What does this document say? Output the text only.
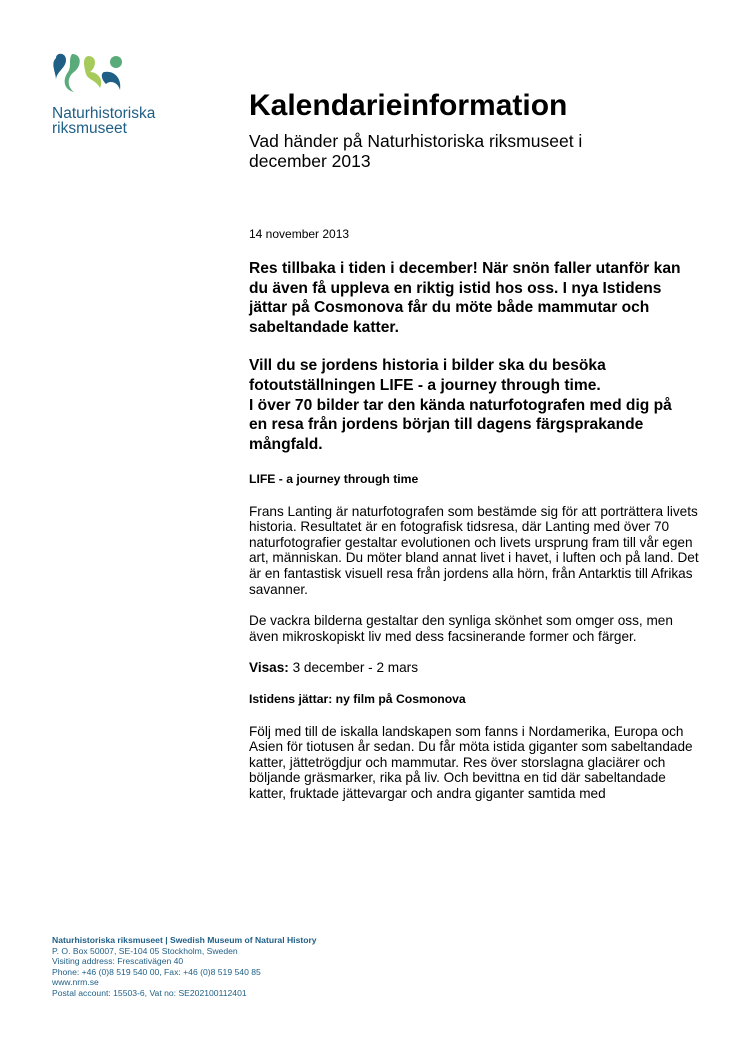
Naturhistoriska
riksmuseet
Kalendarieinformation

Vad händer på Naturhistoriska riksmuseet i december 2013

14 november 2013

Res tillbaka i tiden i december! När snön faller utanför kan du även få uppleva en riktig istid hos oss. I nya Istidens jättar på Cosmonova får du möte både mammutar och sabeltandade katter.

Vill du se jordens historia i bilder ska du besöka fotoutställningen LIFE - a journey through time.
I över 70 bilder tar den kända naturfotografen med dig på en resa från jordens början till dagens färgsprakande mångfald.

LIFE - a journey through time

Frans Lanting är naturfotografen som bestämde sig för att porträttera livets historia. Resultatet är en fotografisk tidsresa, där Lanting med över 70 naturfotografier gestaltar evolutionen och livets ursprung fram till vår egen art, människan. Du möter bland annat livet i havet, i luften och på land. Det är en fantastisk visuell resa från jordens alla hörn, från Antarktis till Afrikas savanner.

De vackra bilderna gestaltar den synliga skönhet som omger oss, men även mikroskopiskt liv med dess facsinerande former och färger.

Visas: 3 december - 2 mars

Istidens jättar: ny film på Cosmonova

Följ med till de iskalla landskapen som fanns i Nordamerika, Europa och Asien för tiotusen år sedan. Du får möta istida giganter som sabeltandade katter, jättetrögdjur och mammutar. Res över storslagna glaciärer och böljande gräsmarker, rika på liv. Och bevittna en tid där sabeltandade katter, fruktade jättevargar och andra giganter samtida med

Naturhistoriska riksmuseet | Swedish Museum of Natural History
P. O. Box 50007, SE-104 05 Stockholm, Sweden
Visiting address: Frescativägen 40
Phone: +46 (0)8 519 540 00, Fax: +46 (0)8 519 540 85
www.nrm.se
Postal account: 15503-6, Vat no: SE202100112401
